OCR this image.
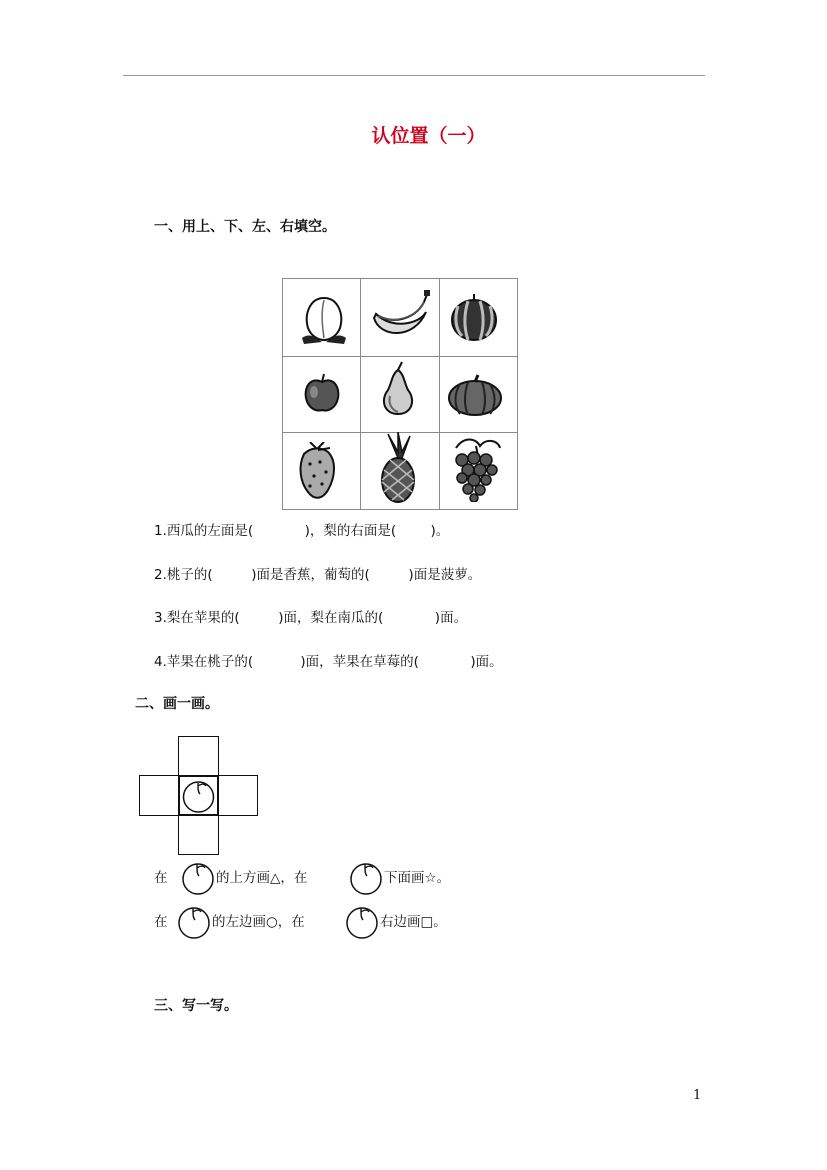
认位置（一）
一、用上、下、左、右填空。
1.西瓜的左面是(            )，梨的右面是(        )。
2.桃子的(         )面是香蕉，葡萄的(         )面是菠萝。
3.梨在苹果的(         )面，梨在南瓜的(            )面。
4.苹果在桃子的(           )面，苹果在草莓的(            )面。
二、画一画。
在	的上方画△，在	下面画☆。
在	的左边画○，在	右边画□。
三、写一写。
1
